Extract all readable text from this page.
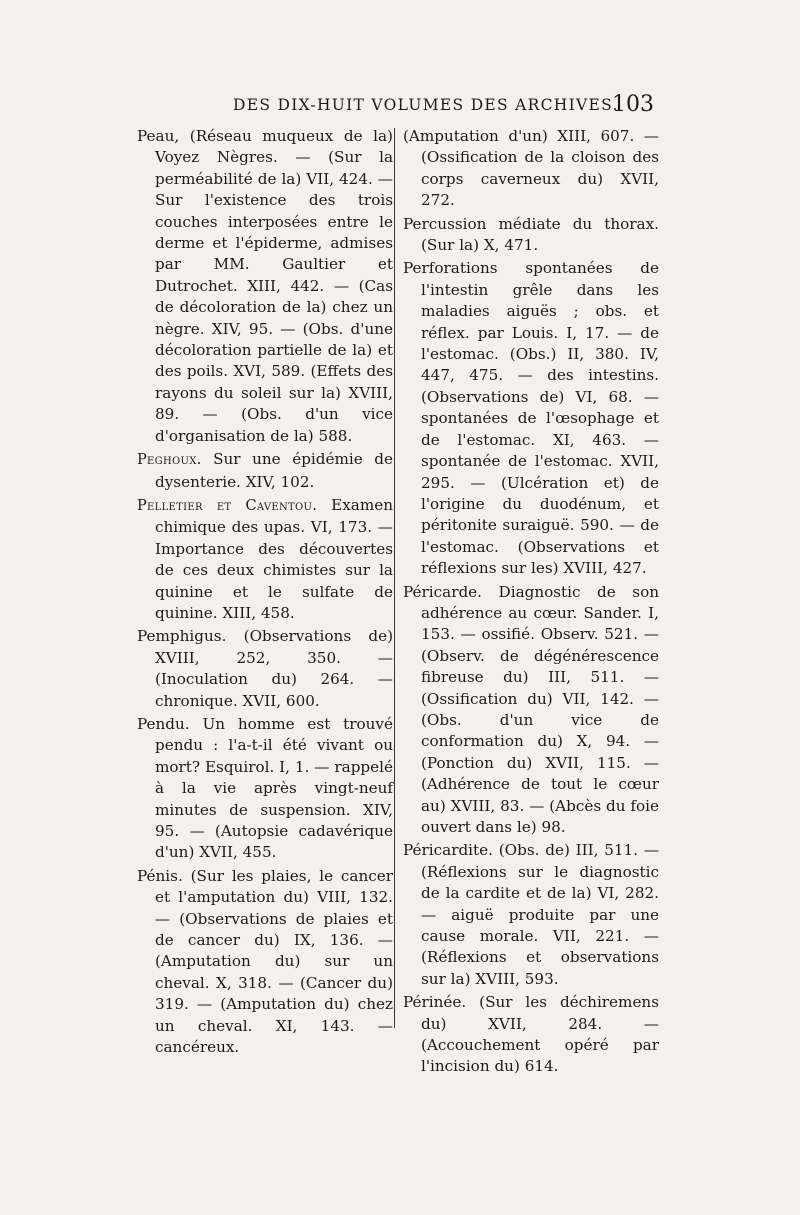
DES DIX-HUIT VOLUMES DES ARCHIVES.
103

Peau, (Réseau muqueux de la) Voyez Nègres. — (Sur la perméabilité de la) VII, 424. — Sur l'existence des trois couches interposées entre le derme et l'épiderme, admises par MM. Gaultier et Dutrochet. XIII, 442. — (Cas de décoloration de la) chez un nègre. XIV, 95. — (Obs. d'une décoloration partielle de la) et des poils. XVI, 589. (Effets des rayons du soleil sur la) XVIII, 89. — (Obs. d'un vice d'organisation de la) 588.

Peghoux. Sur une épidémie de dysenterie. XIV, 102.

Pelletier et Caventou. Examen chimique des upas. VI, 173. — Importance des découvertes de ces deux chimistes sur la quinine et le sulfate de quinine. XIII, 458.

Pemphigus. (Observations de) XVIII, 252, 350. — (Inoculation du) 264. — chronique. XVII, 600.

Pendu. Un homme est trouvé pendu : l'a-t-il été vivant ou mort? Esquirol. I, 1. — rappelé à la vie après vingt-neuf minutes de suspension. XIV, 95. — (Autopsie cadavérique d'un) XVII, 455.

Pénis. (Sur les plaies, le cancer et l'amputation du) VIII, 132. — (Observations de plaies et de cancer du) IX, 136. — (Amputation du) sur un cheval. X, 318. — (Cancer du) 319. — (Amputation du) chez un cheval. XI, 143. — cancéreux.

(Amputation d'un) XIII, 607. — (Ossification de la cloison des corps caverneux du) XVII, 272.

Percussion médiate du thorax. (Sur la) X, 471.

Perforations spontanées de l'intestin grêle dans les maladies aiguës ; obs. et réflex. par Louis. I, 17. — de l'estomac. (Obs.) II, 380. IV, 447, 475. — des intestins. (Observations de) VI, 68. — spontanées de l'œsophage et de l'estomac. XI, 463. — spontanée de l'estomac. XVII, 295. — (Ulcération et) de l'origine du duodénum, et péritonite suraiguë. 590. — de l'estomac. (Observations et réflexions sur les) XVIII, 427.

Péricarde. Diagnostic de son adhérence au cœur. Sander. I, 153. — ossifié. Observ. 521. — (Observ. de dégénérescence fibreuse du) III, 511. — (Ossification du) VII, 142. — (Obs. d'un vice de conformation du) X, 94. — (Ponction du) XVII, 115. — (Adhérence de tout le cœur au) XVIII, 83. — (Abcès du foie ouvert dans le) 98.

Péricardite. (Obs. de) III, 511. — (Réflexions sur le diagnostic de la cardite et de la) VI, 282. — aiguë produite par une cause morale. VII, 221. — (Réflexions et observations sur la) XVIII, 593.

Périnée. (Sur les déchiremens du) XVII, 284. — (Accouchement opéré par l'incision du) 614.
